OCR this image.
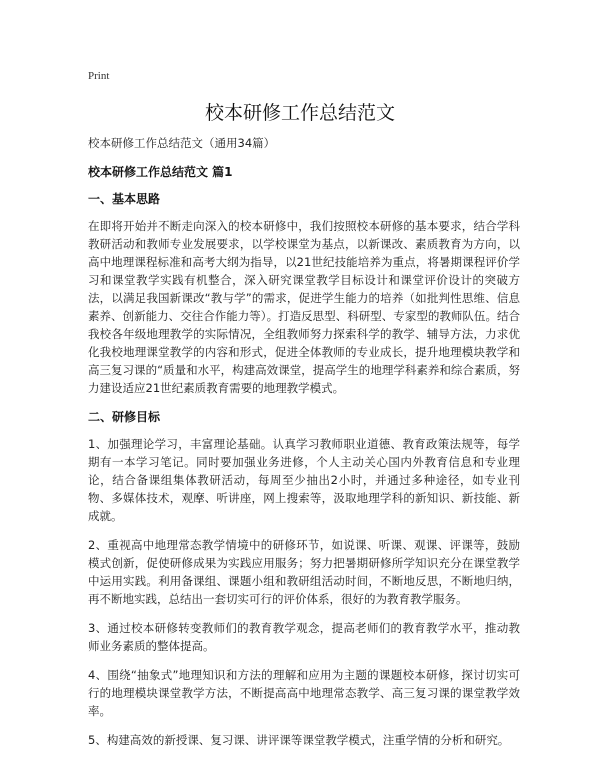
Print
校本研修工作总结范文

校本研修工作总结范文（通用34篇）

校本研修工作总结范文 篇1

一、基本思路

在即将开始并不断走向深入的校本研修中，我们按照校本研修的基本要求，结合学科教研活动和教师专业发展要求，以学校课堂为基点，以新课改、素质教育为方向，以高中地理课程标准和高考大纲为指导，以21世纪技能培养为重点，将暑期课程评价学习和课堂教学实践有机整合，深入研究课堂教学目标设计和课堂评价设计的突破方法，以满足我国新课改“教与学”的需求，促进学生能力的培养（如批判性思维、信息素养、创新能力、交往合作能力等）。打造反思型、科研型、专家型的教师队伍。结合我校各年级地理教学的实际情况，全组教师努力探索科学的教学、辅导方法，力求优化我校地理课堂教学的内容和形式，促进全体教师的专业成长，提升地理模块教学和高三复习课的“质量和水平，构建高效课堂，提高学生的地理学科素养和综合素质，努力建设适应21世纪素质教育需要的地理教学模式。

二、研修目标

1、加强理论学习，丰富理论基础。认真学习教师职业道德、教育政策法规等，每学期有一本学习笔记。同时要加强业务进修，个人主动关心国内外教育信息和专业理论，结合备课组集体教研活动，每周至少抽出2小时，并通过多种途径，如专业刊物、多媒体技术，观摩、听讲座，网上搜索等，汲取地理学科的新知识、新技能、新成就。

2、重视高中地理常态教学情境中的研修环节，如说课、听课、观课、评课等，鼓励模式创新，促使研修成果为实践应用服务；努力把暑期研修所学知识充分在课堂教学中运用实践。利用备课组、课题小组和教研组活动时间，不断地反思，不断地归纳，再不断地实践，总结出一套切实可行的评价体系，很好的为教育教学服务。

3、通过校本研修转变教师们的教育教学观念，提高老师们的教育教学水平，推动教师业务素质的整体提高。

4、围绕“抽象式”地理知识和方法的理解和应用为主题的课题校本研修，探讨切实可行的地理模块课堂教学方法，不断提高高中地理常态教学、高三复习课的课堂教学效率。

5、构建高效的新授课、复习课、讲评课等课堂教学模式，注重学情的分析和研究。
